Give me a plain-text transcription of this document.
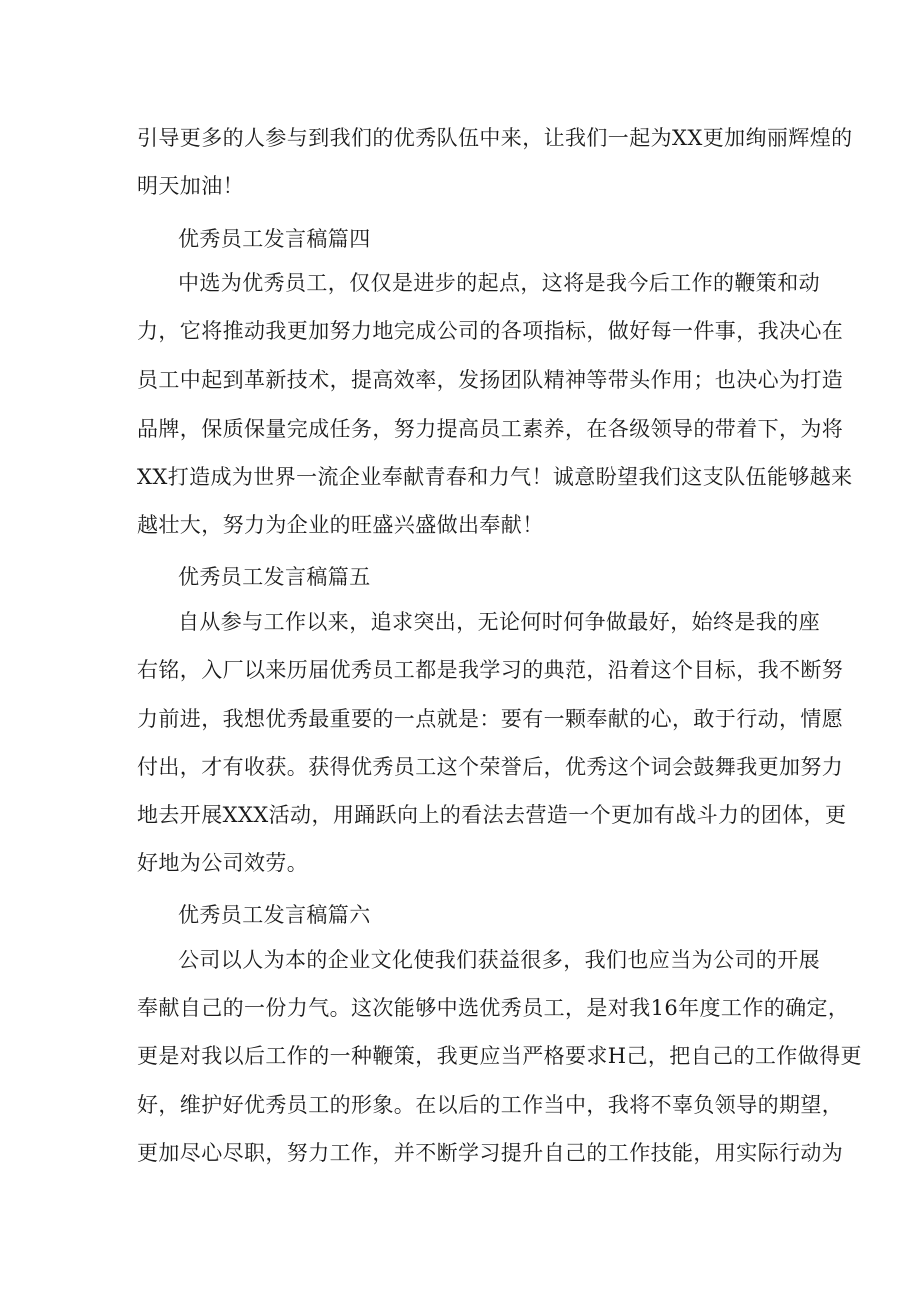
引导更多的人参与到我们的优秀队伍中来，让我们一起为XX更加绚丽辉煌的
明天加油！
优秀员工发言稿篇四
中选为优秀员工，仅仅是进步的起点，这将是我今后工作的鞭策和动
力，它将推动我更加努力地完成公司的各项指标，做好每一件事，我决心在
员工中起到革新技术，提高效率，发扬团队精神等带头作用；也决心为打造
品牌，保质保量完成任务，努力提高员工素养，在各级领导的带着下，为将
XX打造成为世界一流企业奉献青春和力气！诚意盼望我们这支队伍能够越来
越壮大，努力为企业的旺盛兴盛做出奉献！
优秀员工发言稿篇五
自从参与工作以来，追求突出，无论何时何争做最好，始终是我的座
右铭，入厂以来历届优秀员工都是我学习的典范，沿着这个目标，我不断努
力前进，我想优秀最重要的一点就是：要有一颗奉献的心，敢于行动，情愿
付出，才有收获。获得优秀员工这个荣誉后，优秀这个词会鼓舞我更加努力
地去开展XXX活动，用踊跃向上的看法去营造一个更加有战斗力的团体，更
好地为公司效劳。
优秀员工发言稿篇六
公司以人为本的企业文化使我们获益很多，我们也应当为公司的开展
奉献自己的一份力气。这次能够中选优秀员工，是对我16年度工作的确定，
更是对我以后工作的一种鞭策，我更应当严格要求H己，把自己的工作做得更
好，维护好优秀员工的形象。在以后的工作当中，我将不辜负领导的期望，
更加尽心尽职，努力工作，并不断学习提升自己的工作技能，用实际行动为
